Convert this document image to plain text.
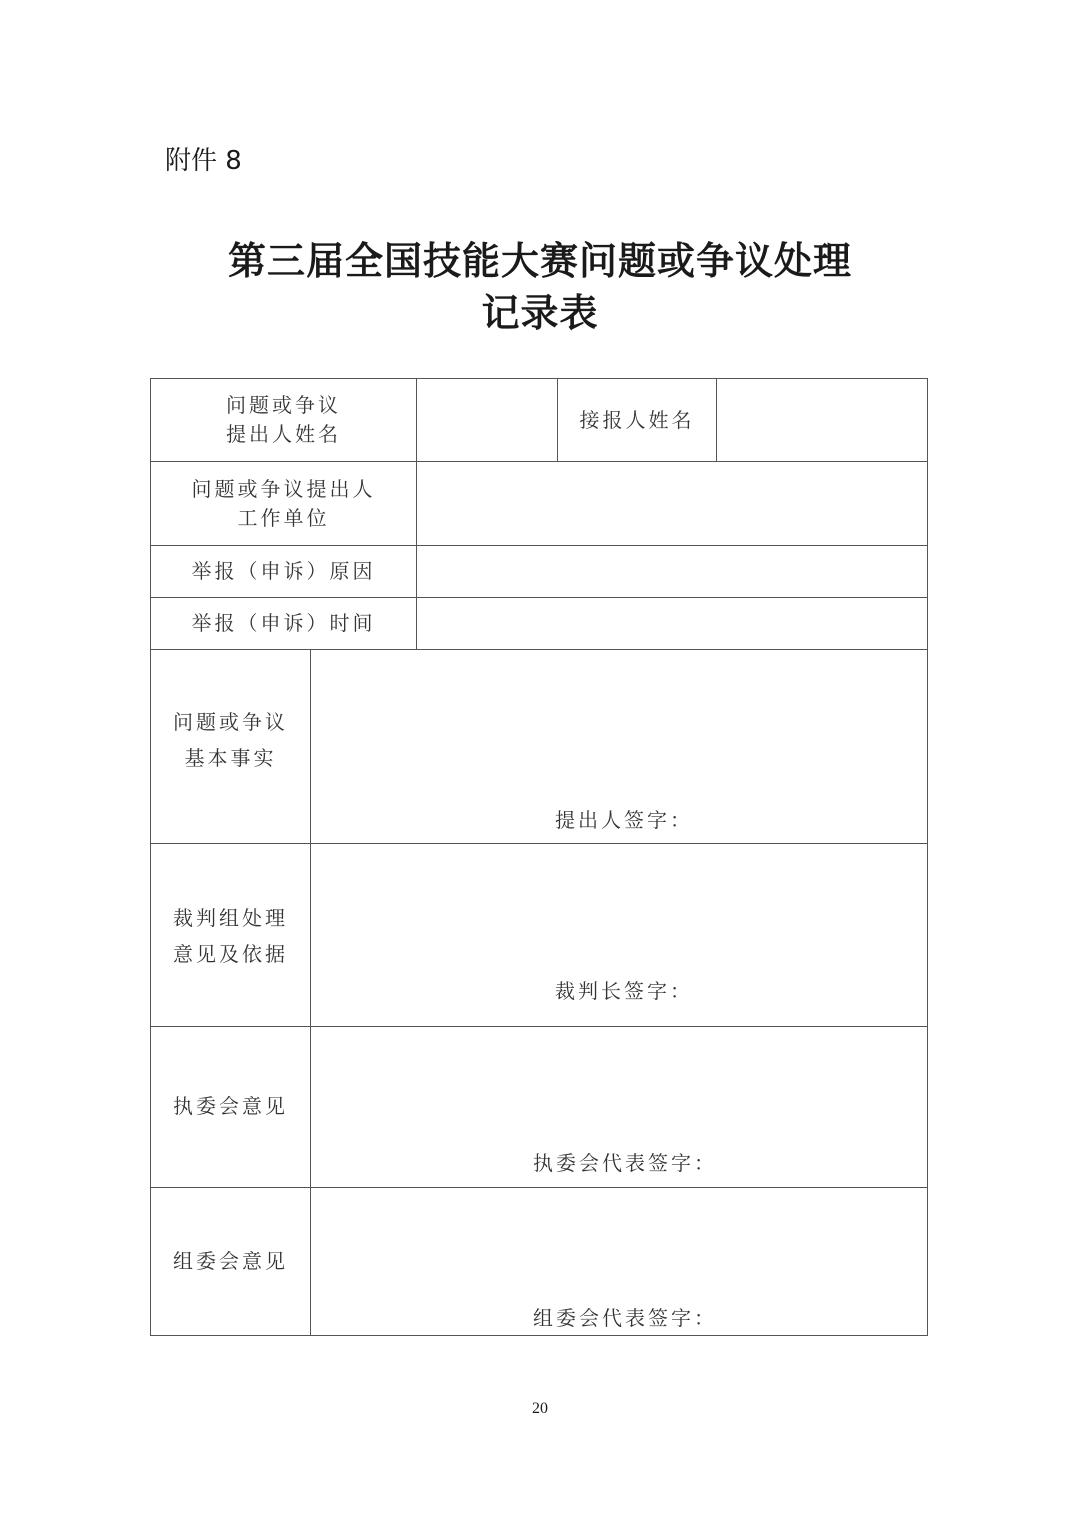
附件 8
第三届全国技能大赛问题或争议处理
记录表
问题或争议
提出人姓名
接报人姓名
问题或争议提出人
工作单位
举报（申诉）原因
举报（申诉）时间
问题或争议
基本事实
提出人签字：
裁判组处理
意见及依据
裁判长签字：
执委会意见
执委会代表签字：
组委会意见
组委会代表签字：
20
